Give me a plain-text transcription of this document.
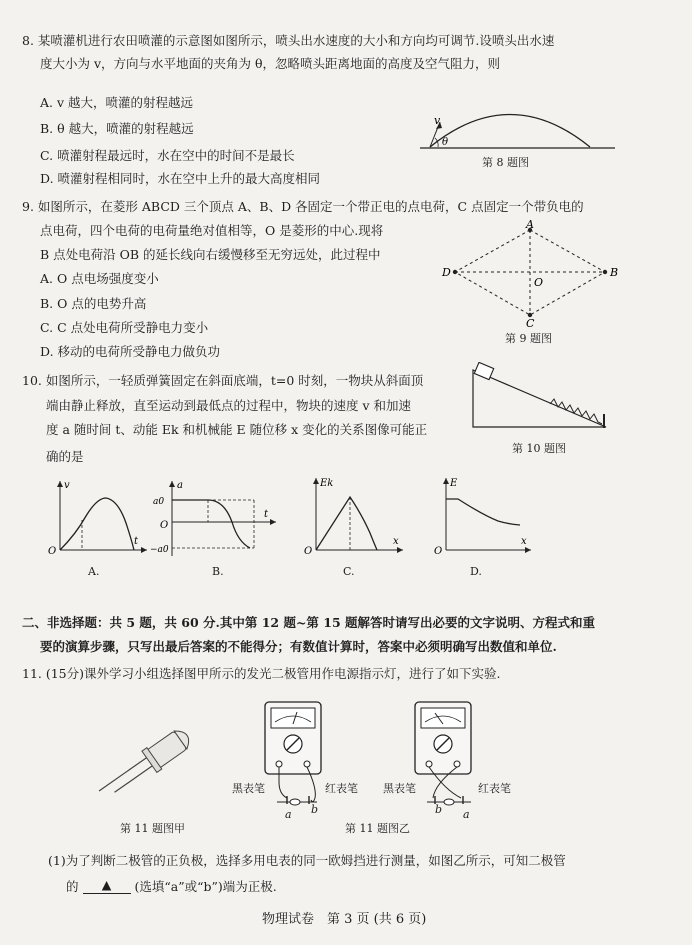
8. 某喷灌机进行农田喷灌的示意图如图所示，喷头出水速度的大小和方向均可调节.设喷头出水速
度大小为 v，方向与水平地面的夹角为 θ，忽略喷头距离地面的高度及空气阻力，则
A. v 越大，喷灌的射程越远
B. θ 越大，喷灌的射程越远
C. 喷灌射程最远时，水在空中的时间不是最长
D. 喷灌射程相同时，水在空中上升的最大高度相同
v
θ
第 8 题图
9. 如图所示，在菱形 ABCD 三个顶点 A、B、D 各固定一个带正电的点电荷，C 点固定一个带负电的
点电荷，四个电荷的电荷量绝对值相等，O 是菱形的中心.现将
B 点处电荷沿 OB 的延长线向右缓慢移至无穷远处，此过程中
A. O 点电场强度变小
B. O 点的电势升高
C. C 点处电荷所受静电力变小
D. 移动的电荷所受静电力做负功
A
B
C
D
O
第 9 题图
10. 如图所示，一轻质弹簧固定在斜面底端，t=0 时刻，一物块从斜面顶
端由静止释放，直至运动到最低点的过程中，物块的速度 v 和加速
度 a 随时间 t、动能 Ek 和机械能 E 随位移 x 变化的关系图像可能正
确的是
第 10 题图
v
t
O
A.
a
t
O
a0
−a0
B.
Ek
x
O
C.
E
x
O
D.
二、非选择题：共 5 题，共 60 分.其中第 12 题~第 15 题解答时请写出必要的文字说明、方程式和重
要的演算步骤，只写出最后答案的不能得分；有数值计算时，答案中必须明确写出数值和单位.
11. (15分)课外学习小组选择图甲所示的发光二极管用作电源指示灯，进行了如下实验.
第 11 题图甲
黑表笔	红表笔 黑表笔	红表笔
a b	b a
第 11 题图乙
(1)为了判断二极管的正负极，选择多用电表的同一欧姆挡进行测量，如图乙所示，可知二极管
的 ▲ (选填“a”或“b”)端为正极.
物理试卷　第 3 页 (共 6 页)
